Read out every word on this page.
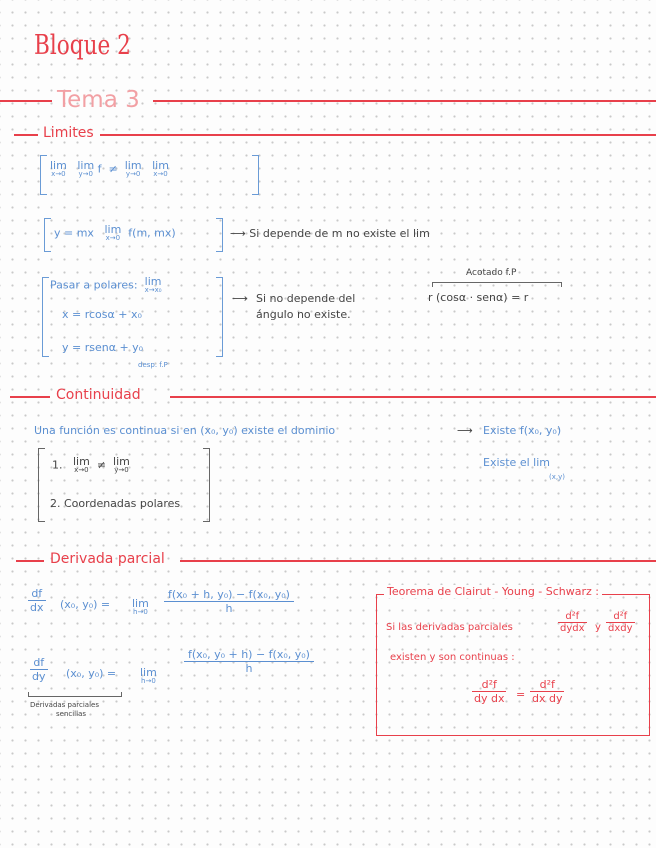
Bloque 2
Tema 3
Limites
lim
x→0

lim
y→0 f ≠ lim
y→0

lim
x→0
y = mx lim
x→0 f(m, mx)	⟶ Si depende de m no existe el lim
Pasar a polares: lim
x→x₀
x = rcosα + x₀
y = rsenα + y₀
desp. f.P
⟶ Si no depende del
ángulo no existe.
Acotado f.P
r (cosα · senα) = r
Continuidad
Una función es continua si en (x₀, y₀) existe el dominio	⟶ Existe f(x₀, y₀)
Existe el lim
(x,y)
1. lim
x→0 ≠ lim
y→0
2. Coordenadas polares
Derivada parcial
$\frac{df}{dx} (x_0$, y₀) = lim
$h\to 0 \frac{\text{f(x₀ + h, y₀) − f(x₀, y₀)}}{h}$
$\frac{df}{dy} (x_0$, y₀) = lim
h→0
$\frac{\text{f(x₀, y₀ + h) − f(x₀, y₀)}}{h}$
Derivadas parciales
sencillas
Teorema de Clairut - Young - Schwarz :
Si las derivadas parciales
d²f
dydx y
d²f
dxdy
existen y son continuas :
$\frac{\text{d²f}}{\text{dy dx}} = \frac{\text{d²f}}{\text{dx dy}}$
